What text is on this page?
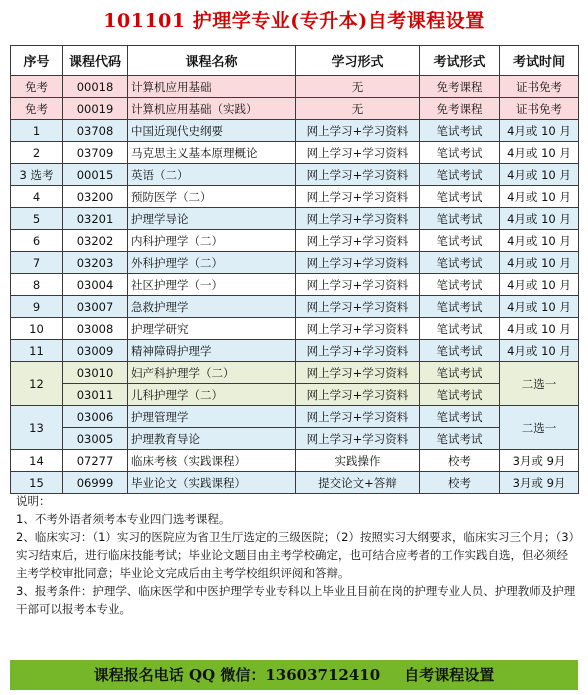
101101 护理学专业(专升本)自考课程设置
序号	课程代码	课程名称	学习形式	考试形式	考试时间
免考	00018	计算机应用基础	无	免考课程	证书免考
免考	00019	计算机应用基础（实践）	无	免考课程	证书免考
1	03708	中国近现代史纲要	网上学习+学习资料	笔试考试	4月或 10 月
2	03709	马克思主义基本原理概论	网上学习+学习资料	笔试考试	4月或 10 月
3 选考	00015	英语（二）	网上学习+学习资料	笔试考试	4月或 10 月
4	03200	预防医学（二）	网上学习+学习资料	笔试考试	4月或 10 月
5	03201	护理学导论	网上学习+学习资料	笔试考试	4月或 10 月
6	03202	内科护理学（二）	网上学习+学习资料	笔试考试	4月或 10 月
7	03203	外科护理学（二）	网上学习+学习资料	笔试考试	4月或 10 月
8	03004	社区护理学（一）	网上学习+学习资料	笔试考试	4月或 10 月
9	03007	急救护理学	网上学习+学习资料	笔试考试	4月或 10 月
10	03008	护理学研究	网上学习+学习资料	笔试考试	4月或 10 月
11	03009	精神障碍护理学	网上学习+学习资料	笔试考试	4月或 10 月
12	03010	妇产科护理学（二）	网上学习+学习资料	笔试考试	二选一
	03011	儿科护理学（二）	网上学习+学习资料	笔试考试	
13	03006	护理管理学	网上学习+学习资料	笔试考试	二选一
	03005	护理教育导论	网上学习+学习资料	笔试考试	
14	07277	临床考核（实践课程）	实践操作	校考	3月或 9月
15	06999	毕业论文（实践课程）	提交论文+答辩	校考	3月或 9月

说明：

1、不考外语者须考本专业四门选考课程。

2、临床实习：（1）实习的医院应为省卫生厅选定的三级医院；（2）按照实习大纲要求，临床实习三个月；（3）实习结束后，进行临床技能考试；毕业论文题目由主考学校确定，也可结合应考者的工作实践自选，但必须经主考学校审批同意；毕业论文完成后由主考学校组织评阅和答辩。

3、报考条件：护理学、临床医学和中医护理学专业专科以上毕业且目前在岗的护理专业人员、护理教师及护理干部可以报考本专业。

课程报名电话 QQ 微信：13603712410 自考课程设置
